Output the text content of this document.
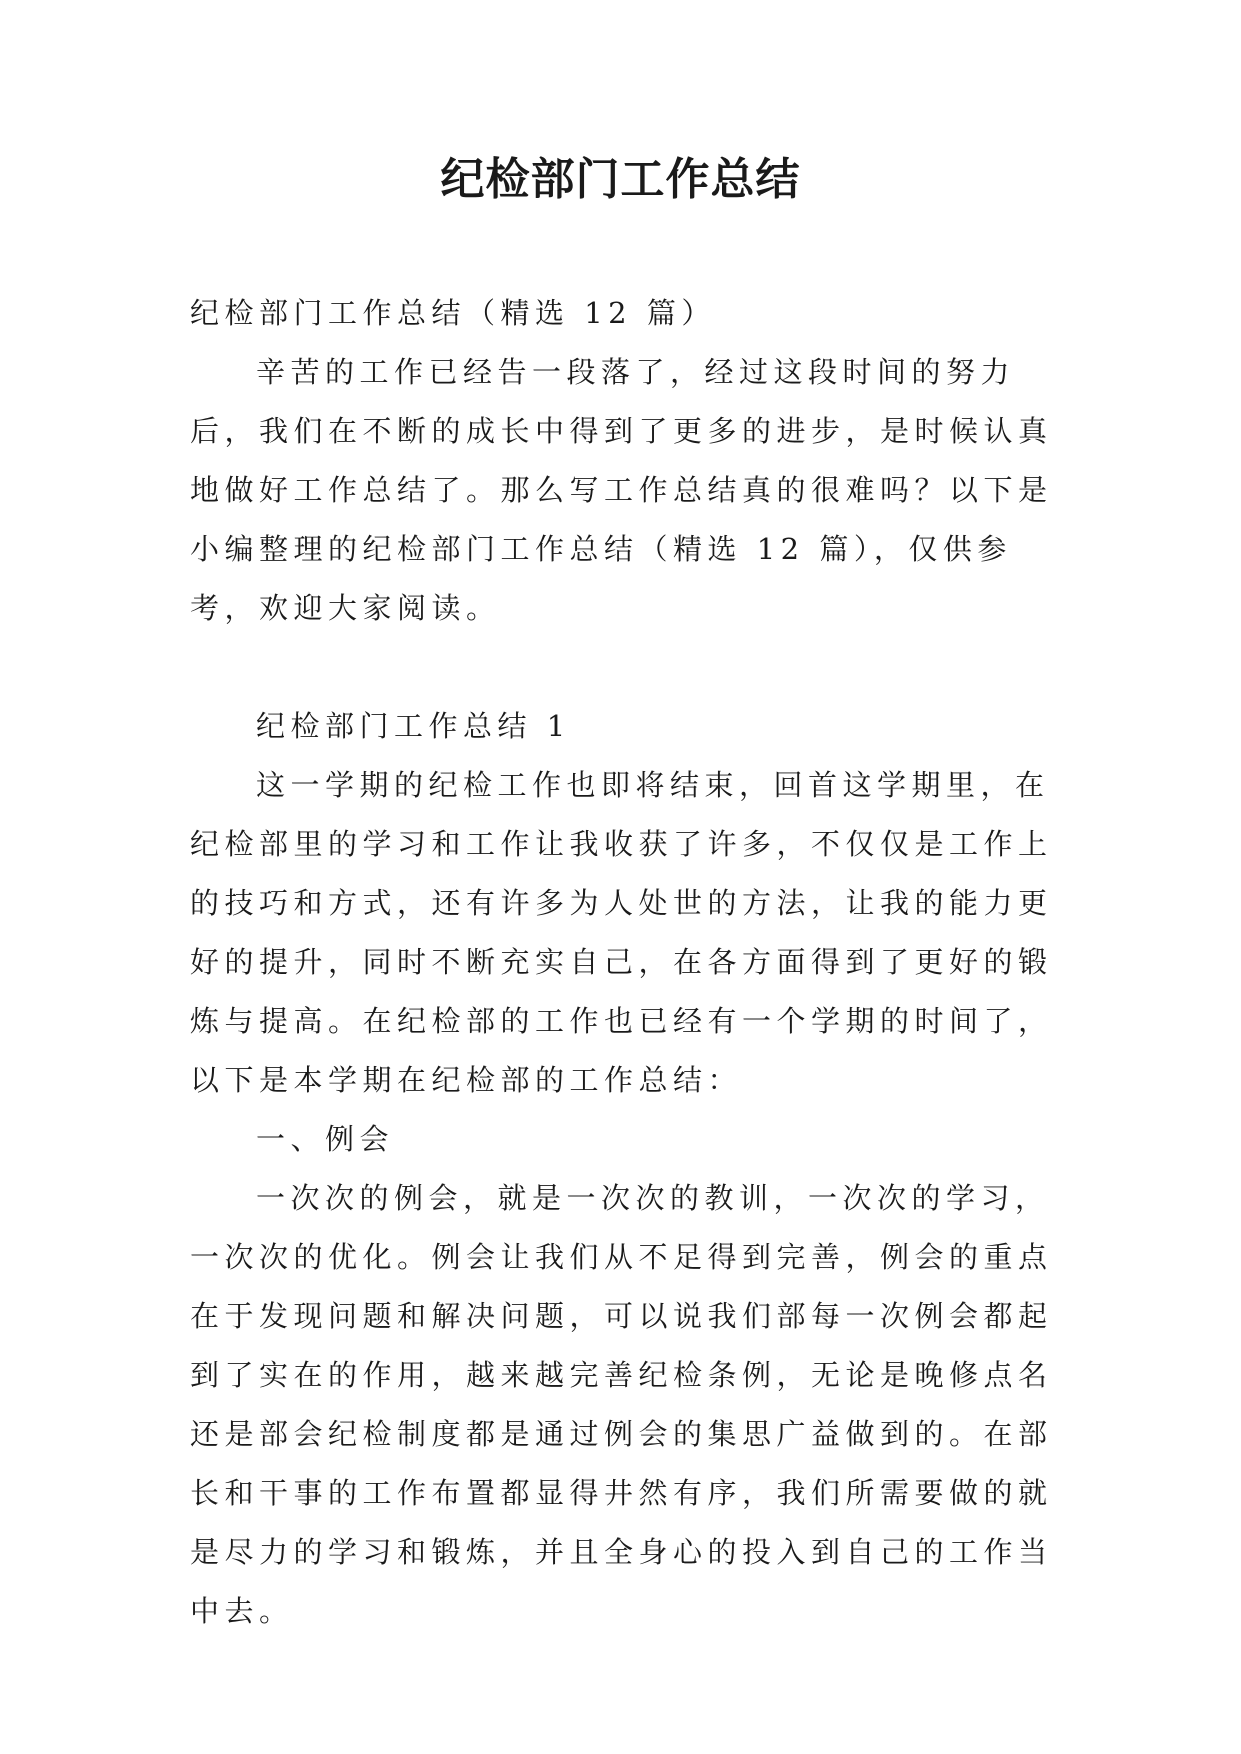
纪检部门工作总结

纪检部门工作总结（精选 12 篇）

辛苦的工作已经告一段落了，经过这段时间的努力后，我们在不断的成长中得到了更多的进步，是时候认真地做好工作总结了。那么写工作总结真的很难吗？以下是小编整理的纪检部门工作总结（精选 12 篇），仅供参考，欢迎大家阅读。

纪检部门工作总结 1

这一学期的纪检工作也即将结束，回首这学期里，在纪检部里的学习和工作让我收获了许多，不仅仅是工作上的技巧和方式，还有许多为人处世的方法，让我的能力更好的提升，同时不断充实自己，在各方面得到了更好的锻炼与提高。在纪检部的工作也已经有一个学期的时间了，以下是本学期在纪检部的工作总结：

一、例会

一次次的例会，就是一次次的教训，一次次的学习，一次次的优化。例会让我们从不足得到完善，例会的重点在于发现问题和解决问题，可以说我们部每一次例会都起到了实在的作用，越来越完善纪检条例，无论是晚修点名还是部会纪检制度都是通过例会的集思广益做到的。在部长和干事的工作布置都显得井然有序，我们所需要做的就是尽力的学习和锻炼，并且全身心的投入到自己的工作当中去。
